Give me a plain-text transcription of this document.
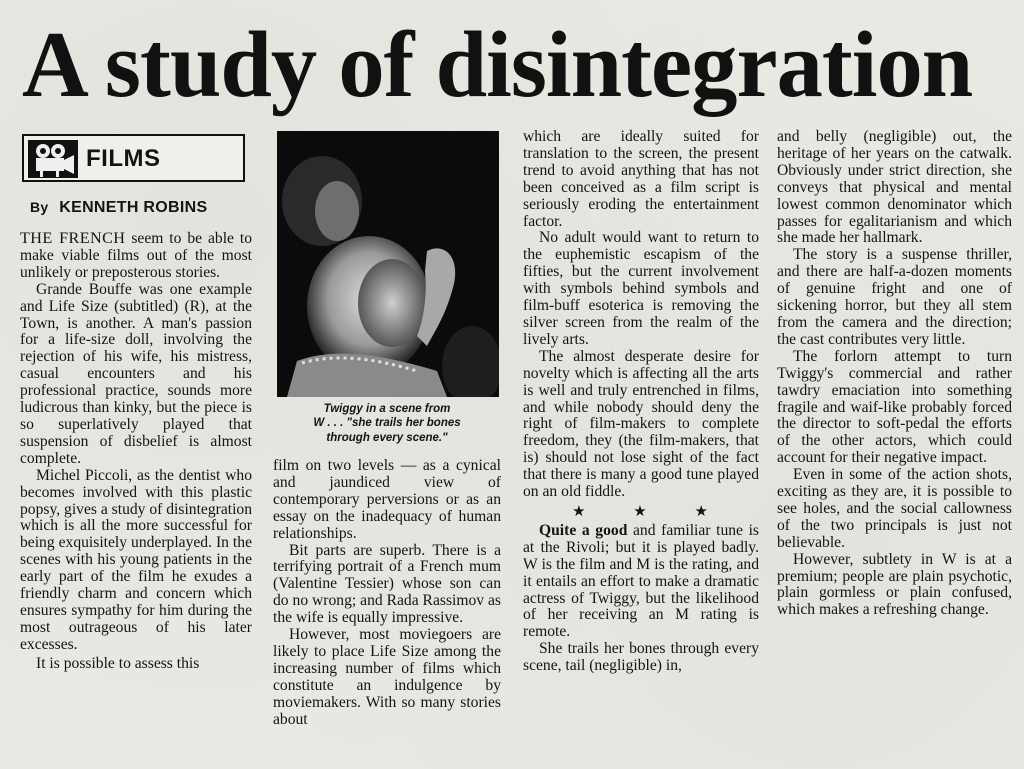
A study of disintegration
FILMS
By KENNETH ROBINS
Twiggy in a scene from
W . . . "she trails her bones
through every scene."

THE FRENCH seem to be able to make viable films out of the most unlikely or preposterous stories.

Grande Bouffe was one example and Life Size (subtitled) (R), at the Town, is another. A man's passion for a life-size doll, involving the rejection of his wife, his mistress, casual encounters and his professional practice, sounds more ludicrous than kinky, but the piece is so superlatively played that suspension of disbelief is almost complete.

Michel Piccoli, as the dentist who becomes involved with this plastic popsy, gives a study of disintegration which is all the more successful for being exquisitely underplayed. In the scenes with his young patients in the early part of the film he exudes a friendly charm and concern which ensures sympathy for him during the most outrageous of his later excesses.

It is possible to assess this

film on two levels — as a cynical and jaundiced view of contemporary perversions or as an essay on the inadequacy of human relationships.

Bit parts are superb. There is a terrifying portrait of a French mum (Valentine Tessier) whose son can do no wrong; and Rada Rassimov as the wife is equally impressive.

However, most moviegoers are likely to place Life Size among the increasing number of films which constitute an indulgence by moviemakers. With so many stories about

which are ideally suited for translation to the screen, the present trend to avoid anything that has not been conceived as a film script is seriously eroding the entertainment factor.

No adult would want to return to the euphemistic escapism of the fifties, but the current involvement with symbols behind symbols and film-buff esoterica is removing the silver screen from the realm of the lively arts.

The almost desperate desire for novelty which is affecting all the arts is well and truly entrenched in films, and while nobody should deny the right of film-makers to complete freedom, they (the film-makers, that is) should not lose sight of the fact that there is many a good tune played on an old fiddle.

★ ★ ★

Quite a good and familiar tune is at the Rivoli; but it is played badly. W is the film and M is the rating, and it entails an effort to make a dramatic actress of Twiggy, but the likelihood of her receiving an M rating is remote.

She trails her bones through every scene, tail (negligible) in,

and belly (negligible) out, the heritage of her years on the catwalk. Obviously under strict direction, she conveys that physical and mental lowest common denominator which passes for egalitarianism and which she made her hallmark.

The story is a suspense thriller, and there are half-a-dozen moments of genuine fright and one of sickening horror, but they all stem from the camera and the direction; the cast contributes very little.

The forlorn attempt to turn Twiggy's commercial and rather tawdry emaciation into something fragile and waif-like probably forced the director to soft-pedal the efforts of the other actors, which could account for their negative impact.

Even in some of the action shots, exciting as they are, it is possible to see holes, and the social callowness of the two principals is just not believable.

However, subtlety in W is at a premium; people are plain psychotic, plain gormless or plain confused, which makes a refreshing change.
